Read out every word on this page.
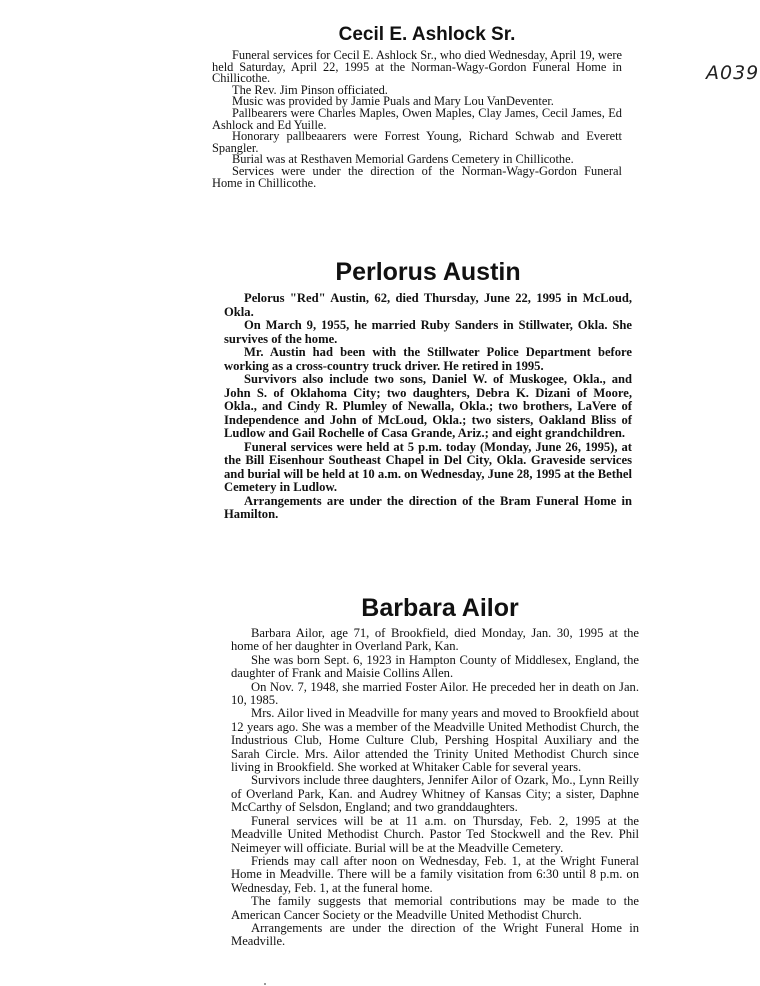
A039
Cecil E. Ashlock Sr.

Funeral services for Cecil E. Ashlock Sr., who died Wednesday, April 19, were held Saturday, April 22, 1995 at the Norman-Wagy-Gordon Funeral Home in Chillicothe.

The Rev. Jim Pinson officiated.

Music was provided by Jamie Puals and Mary Lou VanDeventer.

Pallbearers were Charles Maples, Owen Maples, Clay James, Cecil James, Ed Ashlock and Ed Yuille.

Honorary pallbeaarers were Forrest Young, Richard Schwab and Everett Spangler.

Burial was at Resthaven Memorial Gardens Cemetery in Chillicothe.

Services were under the direction of the Norman-Wagy-Gordon Funeral Home in Chillicothe.

Perlorus Austin

Pelorus "Red" Austin, 62, died Thursday, June 22, 1995 in McLoud, Okla.

On March 9, 1955, he married Ruby Sanders in Stillwater, Okla. She survives of the home.

Mr. Austin had been with the Stillwater Police Department before working as a cross-country truck driver. He retired in 1995.

Survivors also include two sons, Daniel W. of Muskogee, Okla., and John S. of Oklahoma City; two daughters, Debra K. Dizani of Moore, Okla., and Cindy R. Plumley of Newalla, Okla.; two brothers, LaVere of Independence and John of McLoud, Okla.; two sisters, Oakland Bliss of Ludlow and Gail Rochelle of Casa Grande, Ariz.; and eight grandchildren.

Funeral services were held at 5 p.m. today (Monday, June 26, 1995), at the Bill Eisenhour Southeast Chapel in Del City, Okla. Graveside services and burial will be held at 10 a.m. on Wednesday, June 28, 1995 at the Bethel Cemetery in Ludlow.

Arrangements are under the direction of the Bram Funeral Home in Hamilton.

Barbara Ailor

Barbara Ailor, age 71, of Brookfield, died Monday, Jan. 30, 1995 at the home of her daughter in Overland Park, Kan.

She was born Sept. 6, 1923 in Hampton County of Middlesex, England, the daughter of Frank and Maisie Collins Allen.

On Nov. 7, 1948, she married Foster Ailor. He preceded her in death on Jan. 10, 1985.

Mrs. Ailor lived in Meadville for many years and moved to Brookfield about 12 years ago. She was a member of the Meadville United Methodist Church, the Industrious Club, Home Culture Club, Pershing Hospital Auxiliary and the Sarah Circle. Mrs. Ailor attended the Trinity United Methodist Church since living in Brookfield. She worked at Whitaker Cable for several years.

Survivors include three daughters, Jennifer Ailor of Ozark, Mo., Lynn Reilly of Overland Park, Kan. and Audrey Whitney of Kansas City; a sister, Daphne McCarthy of Selsdon, England; and two granddaughters.

Funeral services will be at 11 a.m. on Thursday, Feb. 2, 1995 at the Meadville United Methodist Church. Pastor Ted Stockwell and the Rev. Phil Neimeyer will officiate. Burial will be at the Meadville Cemetery.

Friends may call after noon on Wednesday, Feb. 1, at the Wright Funeral Home in Meadville. There will be a family visitation from 6:30 until 8 p.m. on Wednesday, Feb. 1, at the funeral home.

The family suggests that memorial contributions may be made to the American Cancer Society or the Meadville United Methodist Church.

Arrangements are under the direction of the Wright Funeral Home in Meadville.
